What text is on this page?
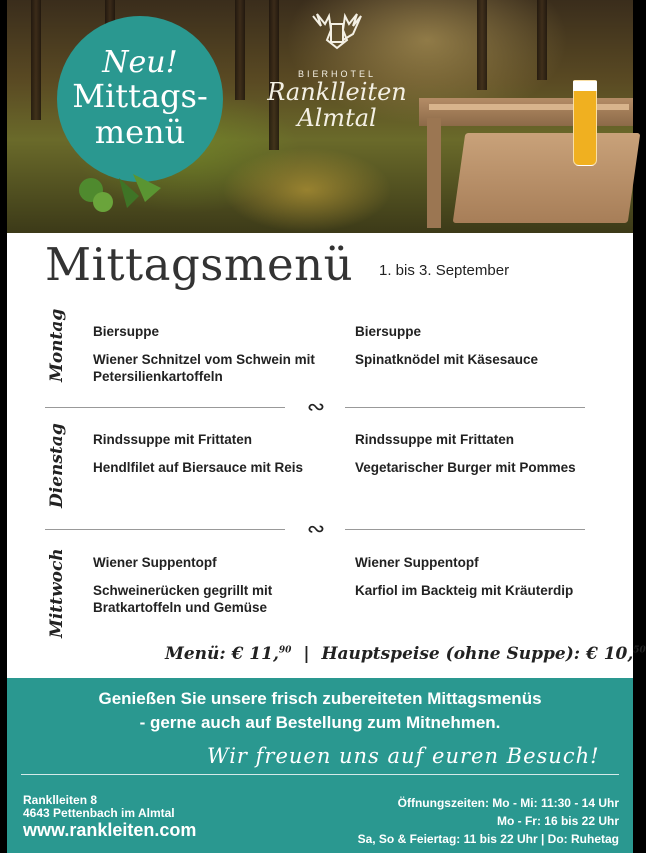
Neu!
Mittags-
menü
BIERHOTEL
Ranklleiten
Almtal
Mittagsmenü 1. bis 3. September
Montag Biersuppe
Wiener Schnitzel vom Schwein mit Petersilienkartoffeln
Biersuppe
Spinatknödel mit Käsesauce
∾
Dienstag Rindssuppe mit Frittaten
Hendlfilet auf Biersauce mit Reis
Rindssuppe mit Frittaten
Vegetarischer Burger mit Pommes
∾
Mittwoch Wiener Suppentopf
Schweinerücken gegrillt mit Bratkartoffeln und Gemüse
Wiener Suppentopf
Karfiol im Backteig mit Kräuterdip
Menü: € 11,90 | Hauptspeise (ohne Suppe): € 10,50
Genießen Sie unsere frisch zubereiteten Mittagsmenüs
- gerne auch auf Bestellung zum Mitnehmen.
Wir freuen uns auf euren Besuch!
Ranklleiten 8
4643 Pettenbach im Almtal
www.rankleiten.com
Öffnungszeiten: Mo - Mi: 11:30 - 14 Uhr
Mo - Fr: 16 bis 22 Uhr
Sa, So & Feiertag: 11 bis 22 Uhr | Do: Ruhetag
